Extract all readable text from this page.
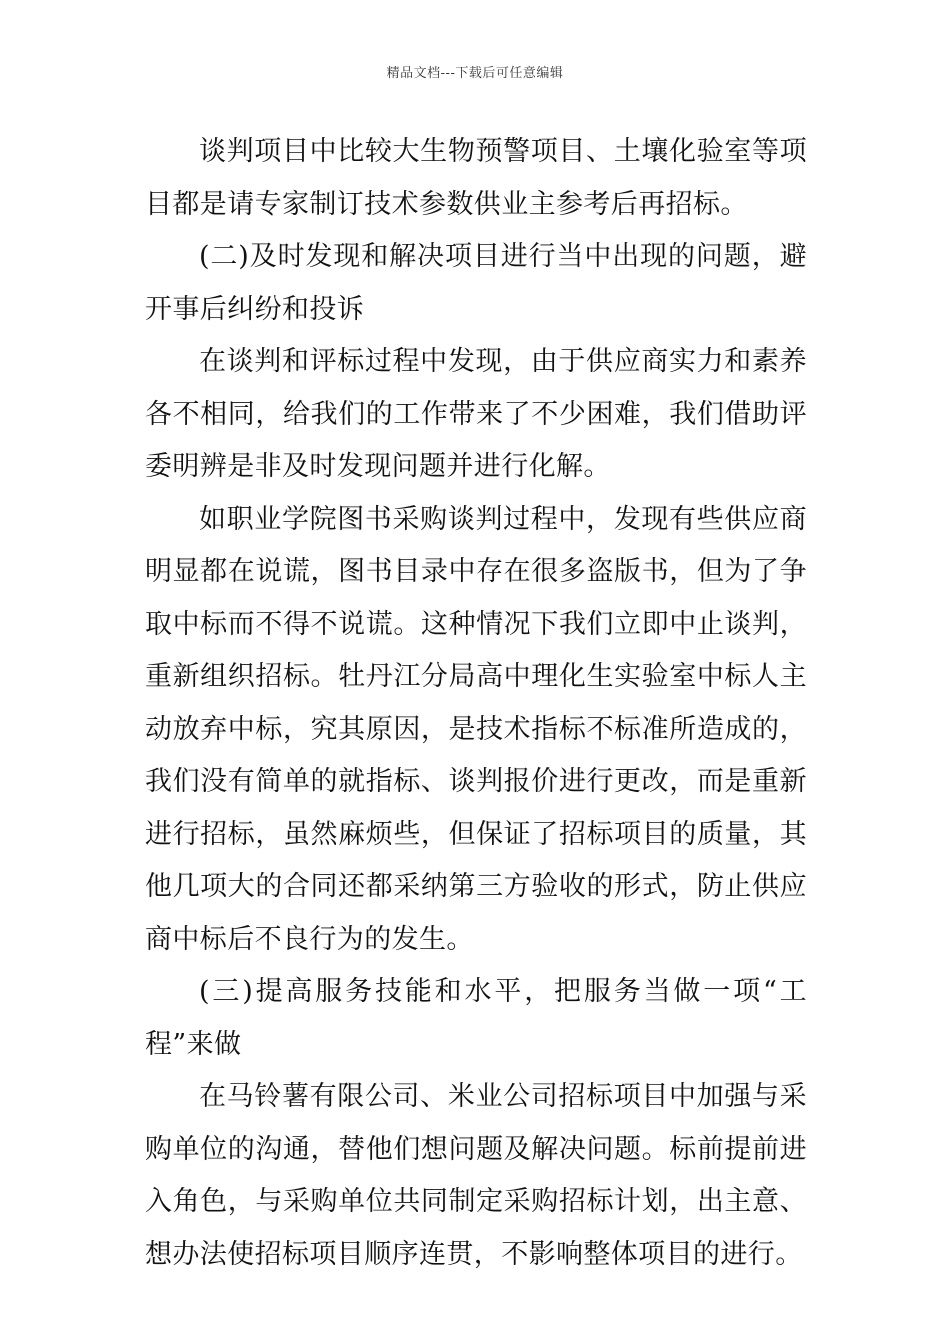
精品文档---下载后可任意编辑

谈判项目中比较大生物预警项目、土壤化验室等项目都是请专家制订技术参数供业主参考后再招标。

(二)及时发现和解决项目进行当中出现的问题，避开事后纠纷和投诉

在谈判和评标过程中发现，由于供应商实力和素养各不相同，给我们的工作带来了不少困难，我们借助评委明辨是非及时发现问题并进行化解。

如职业学院图书采购谈判过程中，发现有些供应商明显都在说谎，图书目录中存在很多盗版书，但为了争取中标而不得不说谎。这种情况下我们立即中止谈判，重新组织招标。牡丹江分局高中理化生实验室中标人主动放弃中标，究其原因，是技术指标不标准所造成的，我们没有简单的就指标、谈判报价进行更改，而是重新进行招标，虽然麻烦些，但保证了招标项目的质量，其他几项大的合同还都采纳第三方验收的形式，防止供应商中标后不良行为的发生。

(三)提高服务技能和水平，把服务当做一项“工程”来做

在马铃薯有限公司、米业公司招标项目中加强与采购单位的沟通，替他们想问题及解决问题。标前提前进入角色，与采购单位共同制定采购招标计划，出主意、想办法使招标项目顺序连贯，不影响整体项目的进行。
